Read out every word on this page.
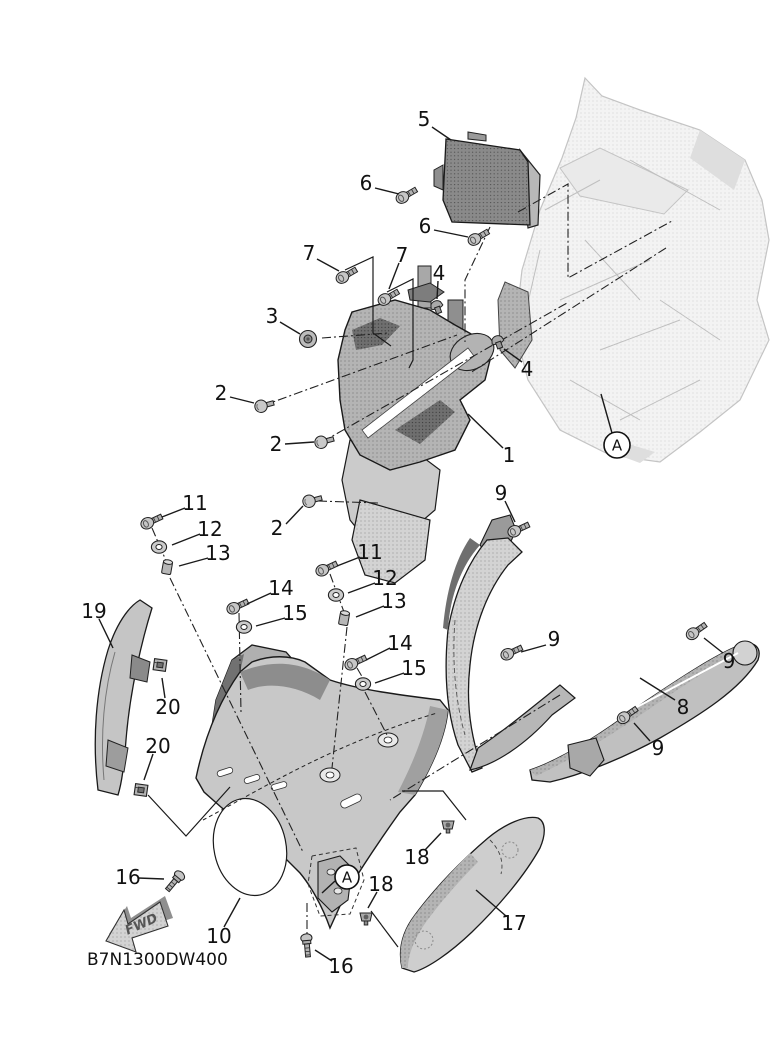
5
6
6
7	7
4
3
4
2
2	1
2
9
11
12
13	11
12
13
14
15
14
15
19
9
9
8
9
20
20
16
10
18
18
16
17
A
A
FWD
B7N1300DW400
